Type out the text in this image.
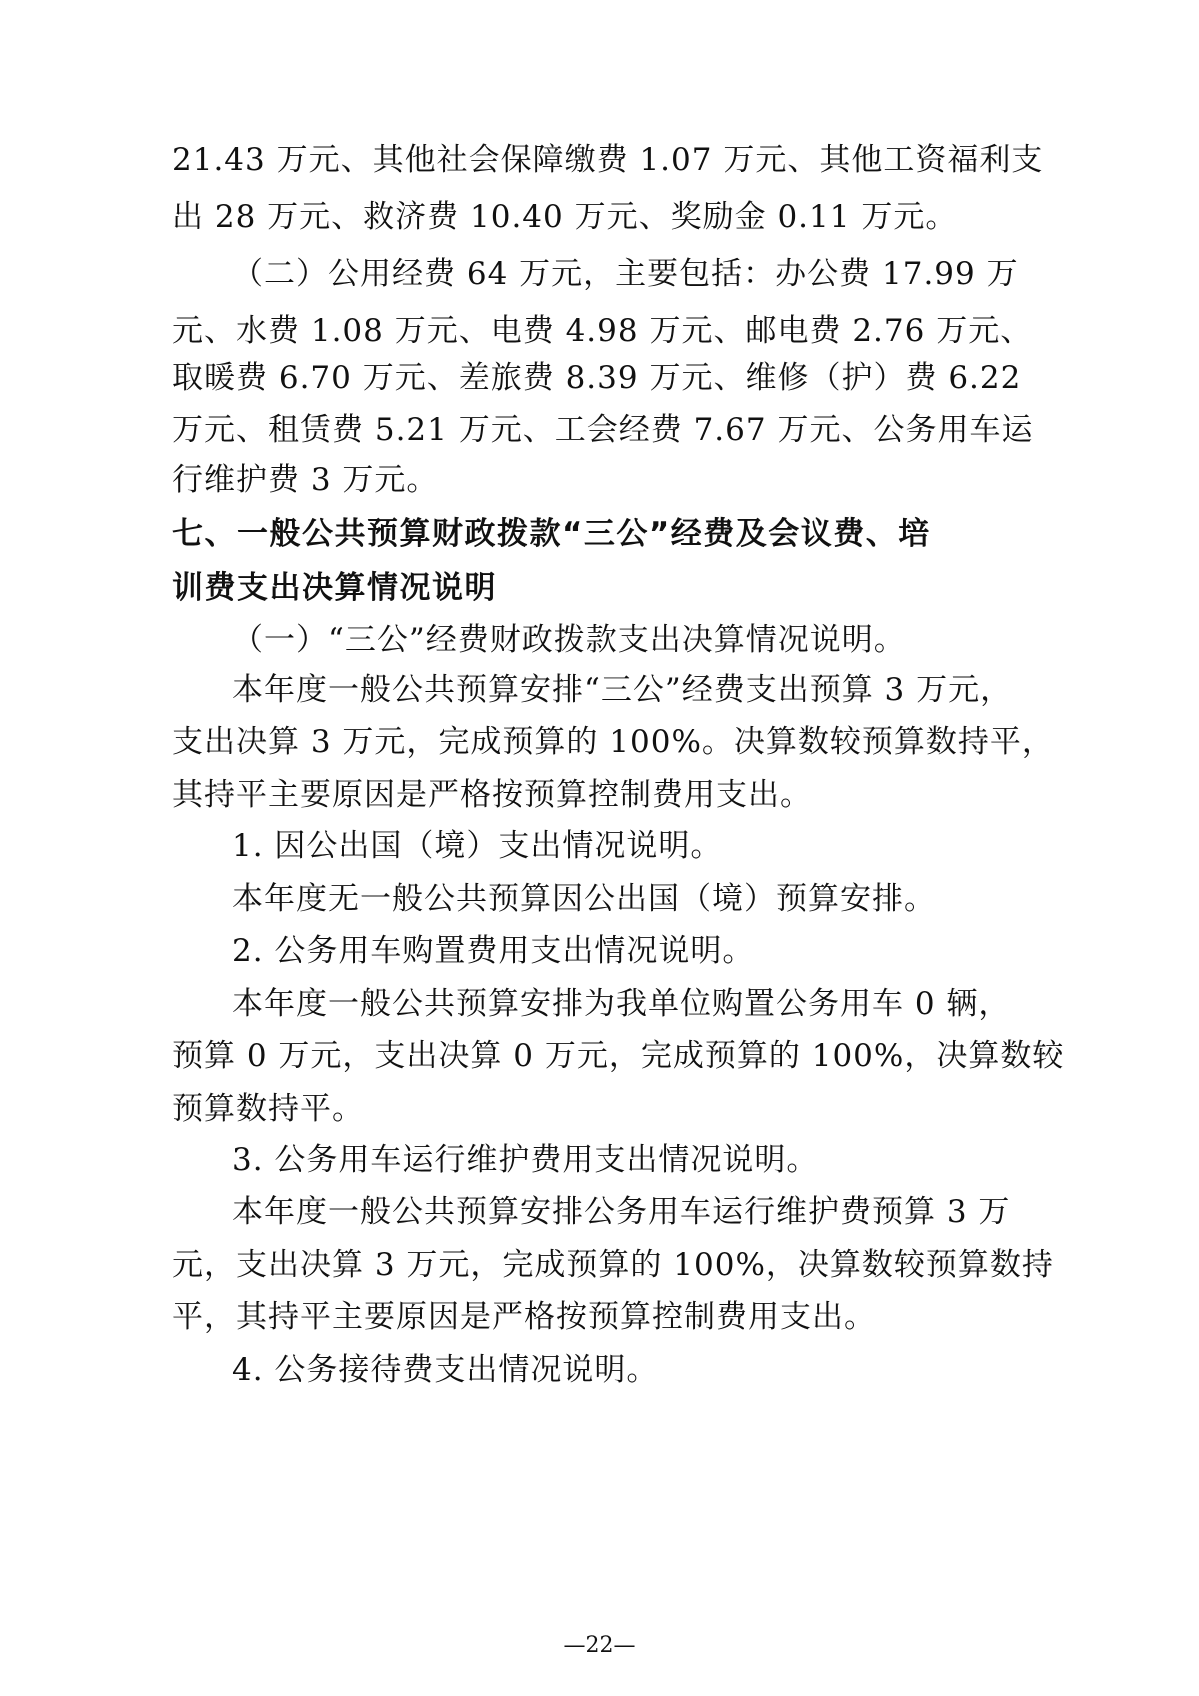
21.43 万元、其他社会保障缴费 1.07 万元、其他工资福利支
出 28 万元、救济费 10.40 万元、奖励金 0.11 万元。
（二）公用经费 64 万元，主要包括：办公费 17.99 万
元、水费 1.08 万元、电费 4.98 万元、邮电费 2.76 万元、
取暖费 6.70 万元、差旅费 8.39 万元、维修（护）费 6.22
万元、租赁费 5.21 万元、工会经费 7.67 万元、公务用车运
行维护费 3 万元。
七、一般公共预算财政拨款“三公”经费及会议费、培
训费支出决算情况说明
（一）“三公”经费财政拨款支出决算情况说明。
本年度一般公共预算安排“三公”经费支出预算 3 万元，
支出决算 3 万元，完成预算的 100%。决算数较预算数持平，
其持平主要原因是严格按预算控制费用支出。
1. 因公出国（境）支出情况说明。
本年度无一般公共预算因公出国（境）预算安排。
2. 公务用车购置费用支出情况说明。
本年度一般公共预算安排为我单位购置公务用车 0 辆，
预算 0 万元，支出决算 0 万元，完成预算的 100%，决算数较
预算数持平。
3. 公务用车运行维护费用支出情况说明。
本年度一般公共预算安排公务用车运行维护费预算 3 万
元，支出决算 3 万元，完成预算的 100%，决算数较预算数持
平，其持平主要原因是严格按预算控制费用支出。
4. 公务接待费支出情况说明。
—22—
